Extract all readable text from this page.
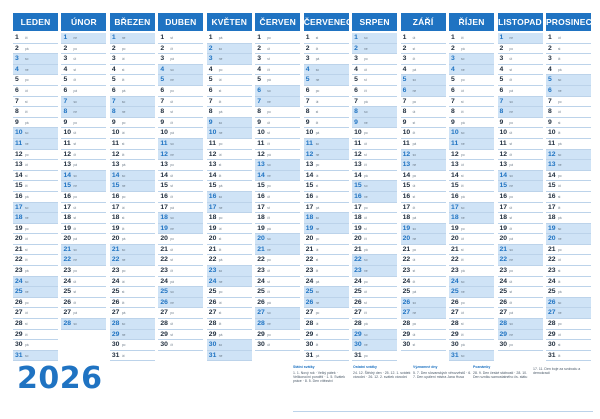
LEDEN
1 čt
2 pá
3 so
4 ne
5 po
6 út
7 st
8 čt
9 pá
10 so
11 ne
12 po
13 út
14 st
15 čt
16 pá
17 so
18 ne
19 po
20 út
21 st
22 čt
23 pá
24 so
25 ne
26 po
27 út
28 st
29 čt
30 pá
31 so
ÚNOR
1 ne
2 po
3 út
4 st
5 čt
6 pá
7 so
8 ne
9 po
10 út
11 st
12 čt
13 pá
14 so
15 ne
16 po
17 út
18 st
19 čt
20 pá
21 so
22 ne
23 po
24 út
25 st
26 čt
27 pá
28 so
BŘEZEN
1 ne
2 po
3 út
4 st
5 čt
6 pá
7 so
8 ne
9 po
10 út
11 st
12 čt
13 pá
14 so
15 ne
16 po
17 út
18 st
19 čt
20 pá
21 so
22 ne
23 po
24 út
25 st
26 čt
27 pá
28 so
29 ne
30 po
31 út
DUBEN
1 st
2 čt
3 pá
4 so
5 ne
6 po
7 út
8 st
9 čt
10 pá
11 so
12 ne
13 po
14 út
15 st
16 čt
17 pá
18 so
19 ne
20 po
21 út
22 st
23 čt
24 pá
25 so
26 ne
27 po
28 út
29 st
30 čt
KVĚTEN
1 pá
2 so
3 ne
4 po
5 út
6 st
7 čt
8 pá
9 so
10 ne
11 po
12 út
13 st
14 čt
15 pá
16 so
17 ne
18 po
19 út
20 st
21 čt
22 pá
23 so
24 ne
25 po
26 út
27 st
28 čt
29 pá
30 so
31 ne
ČERVEN
1 po
2 út
3 st
4 čt
5 pá
6 so
7 ne
8 po
9 út
10 st
11 čt
12 pá
13 so
14 ne
15 po
16 út
17 st
18 čt
19 pá
20 so
21 ne
22 po
23 út
24 st
25 čt
26 pá
27 so
28 ne
29 po
30 út
ČERVENEC
1 st
2 čt
3 pá
4 so
5 ne
6 po
7 út
8 st
9 čt
10 pá
11 so
12 ne
13 po
14 út
15 st
16 čt
17 pá
18 so
19 ne
20 po
21 út
22 st
23 čt
24 pá
25 so
26 ne
27 po
28 út
29 st
30 čt
31 pá
SRPEN
1 so
2 ne
3 po
4 út
5 st
6 čt
7 pá
8 so
9 ne
10 po
11 út
12 st
13 čt
14 pá
15 so
16 ne
17 po
18 út
19 st
20 čt
21 pá
22 so
23 ne
24 po
25 út
26 st
27 čt
28 pá
29 so
30 ne
31 po
ZÁŘÍ
1 út
2 st
3 čt
4 pá
5 so
6 ne
7 po
8 út
9 st
10 čt
11 pá
12 so
13 ne
14 po
15 út
16 st
17 čt
18 pá
19 so
20 ne
21 po
22 út
23 st
24 čt
25 pá
26 so
27 ne
28 po
29 út
30 st
ŘÍJEN
1 čt
2 pá
3 so
4 ne
5 po
6 út
7 st
8 čt
9 pá
10 so
11 ne
12 po
13 út
14 st
15 čt
16 pá
17 so
18 ne
19 po
20 út
21 st
22 čt
23 pá
24 so
25 ne
26 po
27 út
28 st
29 čt
30 pá
31 so
LISTOPAD
1 ne
2 po
3 út
4 st
5 čt
6 pá
7 so
8 ne
9 po
10 út
11 st
12 čt
13 pá
14 so
15 ne
16 po
17 út
18 st
19 čt
20 pá
21 so
22 ne
23 po
24 út
25 st
26 čt
27 pá
28 so
29 ne
30 po
PROSINEC
1 út
2 st
3 čt
4 pá
5 so
6 ne
7 po
8 út
9 st
10 čt
11 pá
12 so
13 ne
14 po
15 út
16 st
17 čt
18 pá
19 so
20 ne
21 po
22 út
23 st
24 čt
25 pá
26 so
27 ne
28 po
29 út
30 st
31 čt
2026	Státní svátky
1. 1. Nový rok · Velký pátek · Velikonoční pondělí · 1. 5. Svátek práce · 8. 5. Den vítězství
Ostatní svátky
24. 12. Štědrý den · 25. 12. 1. svátek vánoční · 26. 12. 2. svátek vánoční
Významné dny
5. 7. Den slovanských věrozvěstů · 6. 7. Den upálení mistra Jana Husa
Poznámky
28. 9. Den české státnosti · 28. 10. Den vzniku samostatného čs. státu
17. 11. Den boje za svobodu a demokracii
